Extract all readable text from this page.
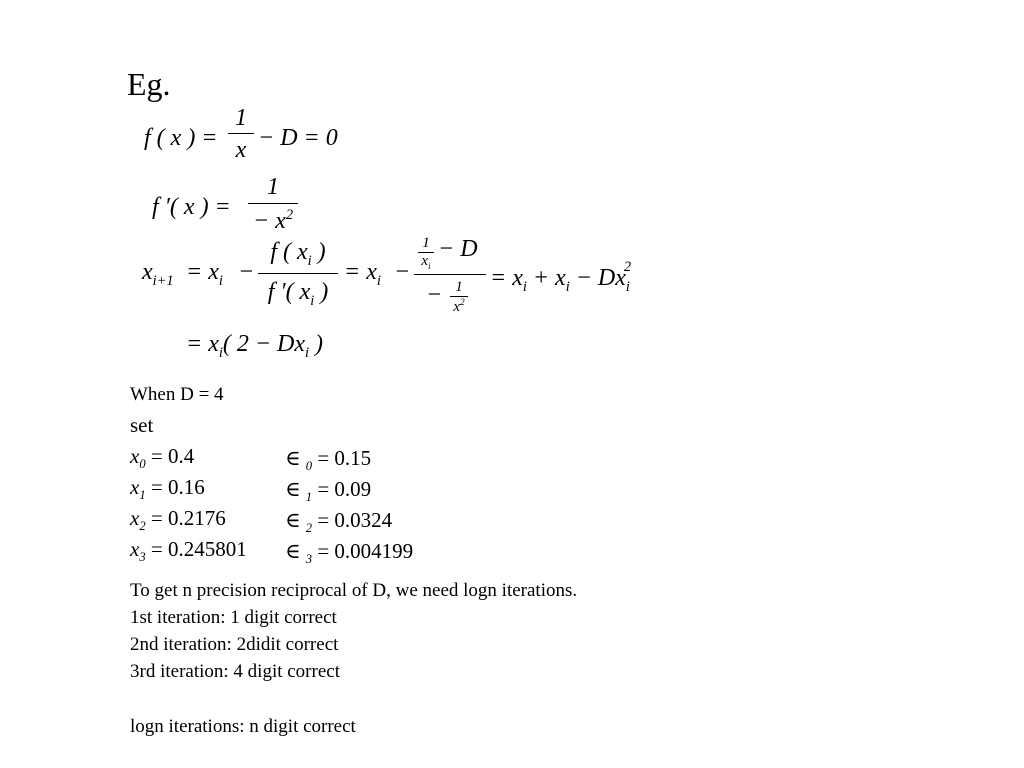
Eg.
f ( x ) =
1
x − D = 0
f ′( x ) =
1
− $x^2$
$x_{i+1} = x_i$ −
f ( $x_i$ )
f ′( $x_i$ )
= $x_i$ −
1
$x_i$
− D
− 1
$x^2$
= $x_i + x_i - Dx_i^2$
= $x_i$( $2 - Dx_i$ )
When D = 4
set
$x_0 = 0.4$
$x_1 = 0.16$
$x_2 = 0.2176$
$x_3 = 0.245801$
∈ $_0$ = 0.15
∈ $_1$ = 0.09
∈ $_2$ = 0.0324
∈ $_3$ = 0.004199
To get n precision reciprocal of D, we need logn iterations.
1st iteration: 1 digit correct
2nd iteration: 2didit correct
3rd iteration: 4 digit correct
logn iterations: n digit correct
